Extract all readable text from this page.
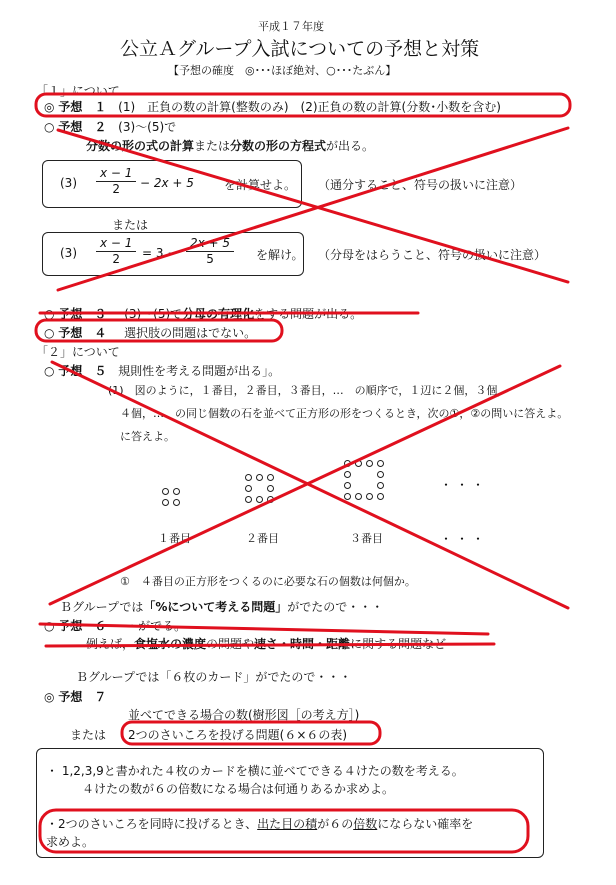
平成１７年度
公立Ａグループ入試についての予想と対策
【予想の確度　◎･･･ほぼ絶対、○･･･たぶん】
「１」について
◎ 予想　１ (1)　正負の数の計算(整数のみ)　(2)正負の数の計算(分数･小数を含む)
○ 予想　２ (3)～(5)で
分数の形の式の計算または分数の形の方程式が出る。
$(3) \frac{x - 1}{2} - 2x + 5$	を計算せよ。 （通分すること、符号の扱いに注意）
または
$(3) \frac{x - 1}{2} = 3 - \frac{2x + 5}{5}$ を解け。 （分母をはらうこと、符号の扱いに注意）
○ 予想　３ (3)～(5)で分母の有理化をする問題が出る。
○ 予想　４ 選択肢の問題はでない。
「２」について
○ 予想　５ 規則性を考える問題が出る」。
(1)　図のように，１番目，２番目，３番目，…　の順序で，１辺に２個，３個，
４個，…　の同じ個数の石を並べて正方形の形をつくるとき，次の①，②の問いに答えよ。
に答えよ。
１番目	２番目	３番目
・・・
・・・
①　４番目の正方形をつくるのに必要な石の個数は何個か。
Ｂグループでは「%について考える問題」がでたので・・・
○ 予想　６ ・がでる。
例えば，食塩水の濃度の問題や速さ・時間・距離に関する問題など
Ｂグループでは「６枚のカード」がでたので・・・
◎ 予想　７
並べてできる場合の数(樹形図［の考え方］)
または 2つのさいころを投げる問題(６×６の表)
・ 1,2,3,9と書かれた４枚のカードを横に並べてできる４けたの数を考える。
４けたの数が６の倍数になる場合は何通りあるか求めよ。
・2つのさいころを同時に投げるとき、出た目の積が６の倍数にならない確率を
求めよ。
